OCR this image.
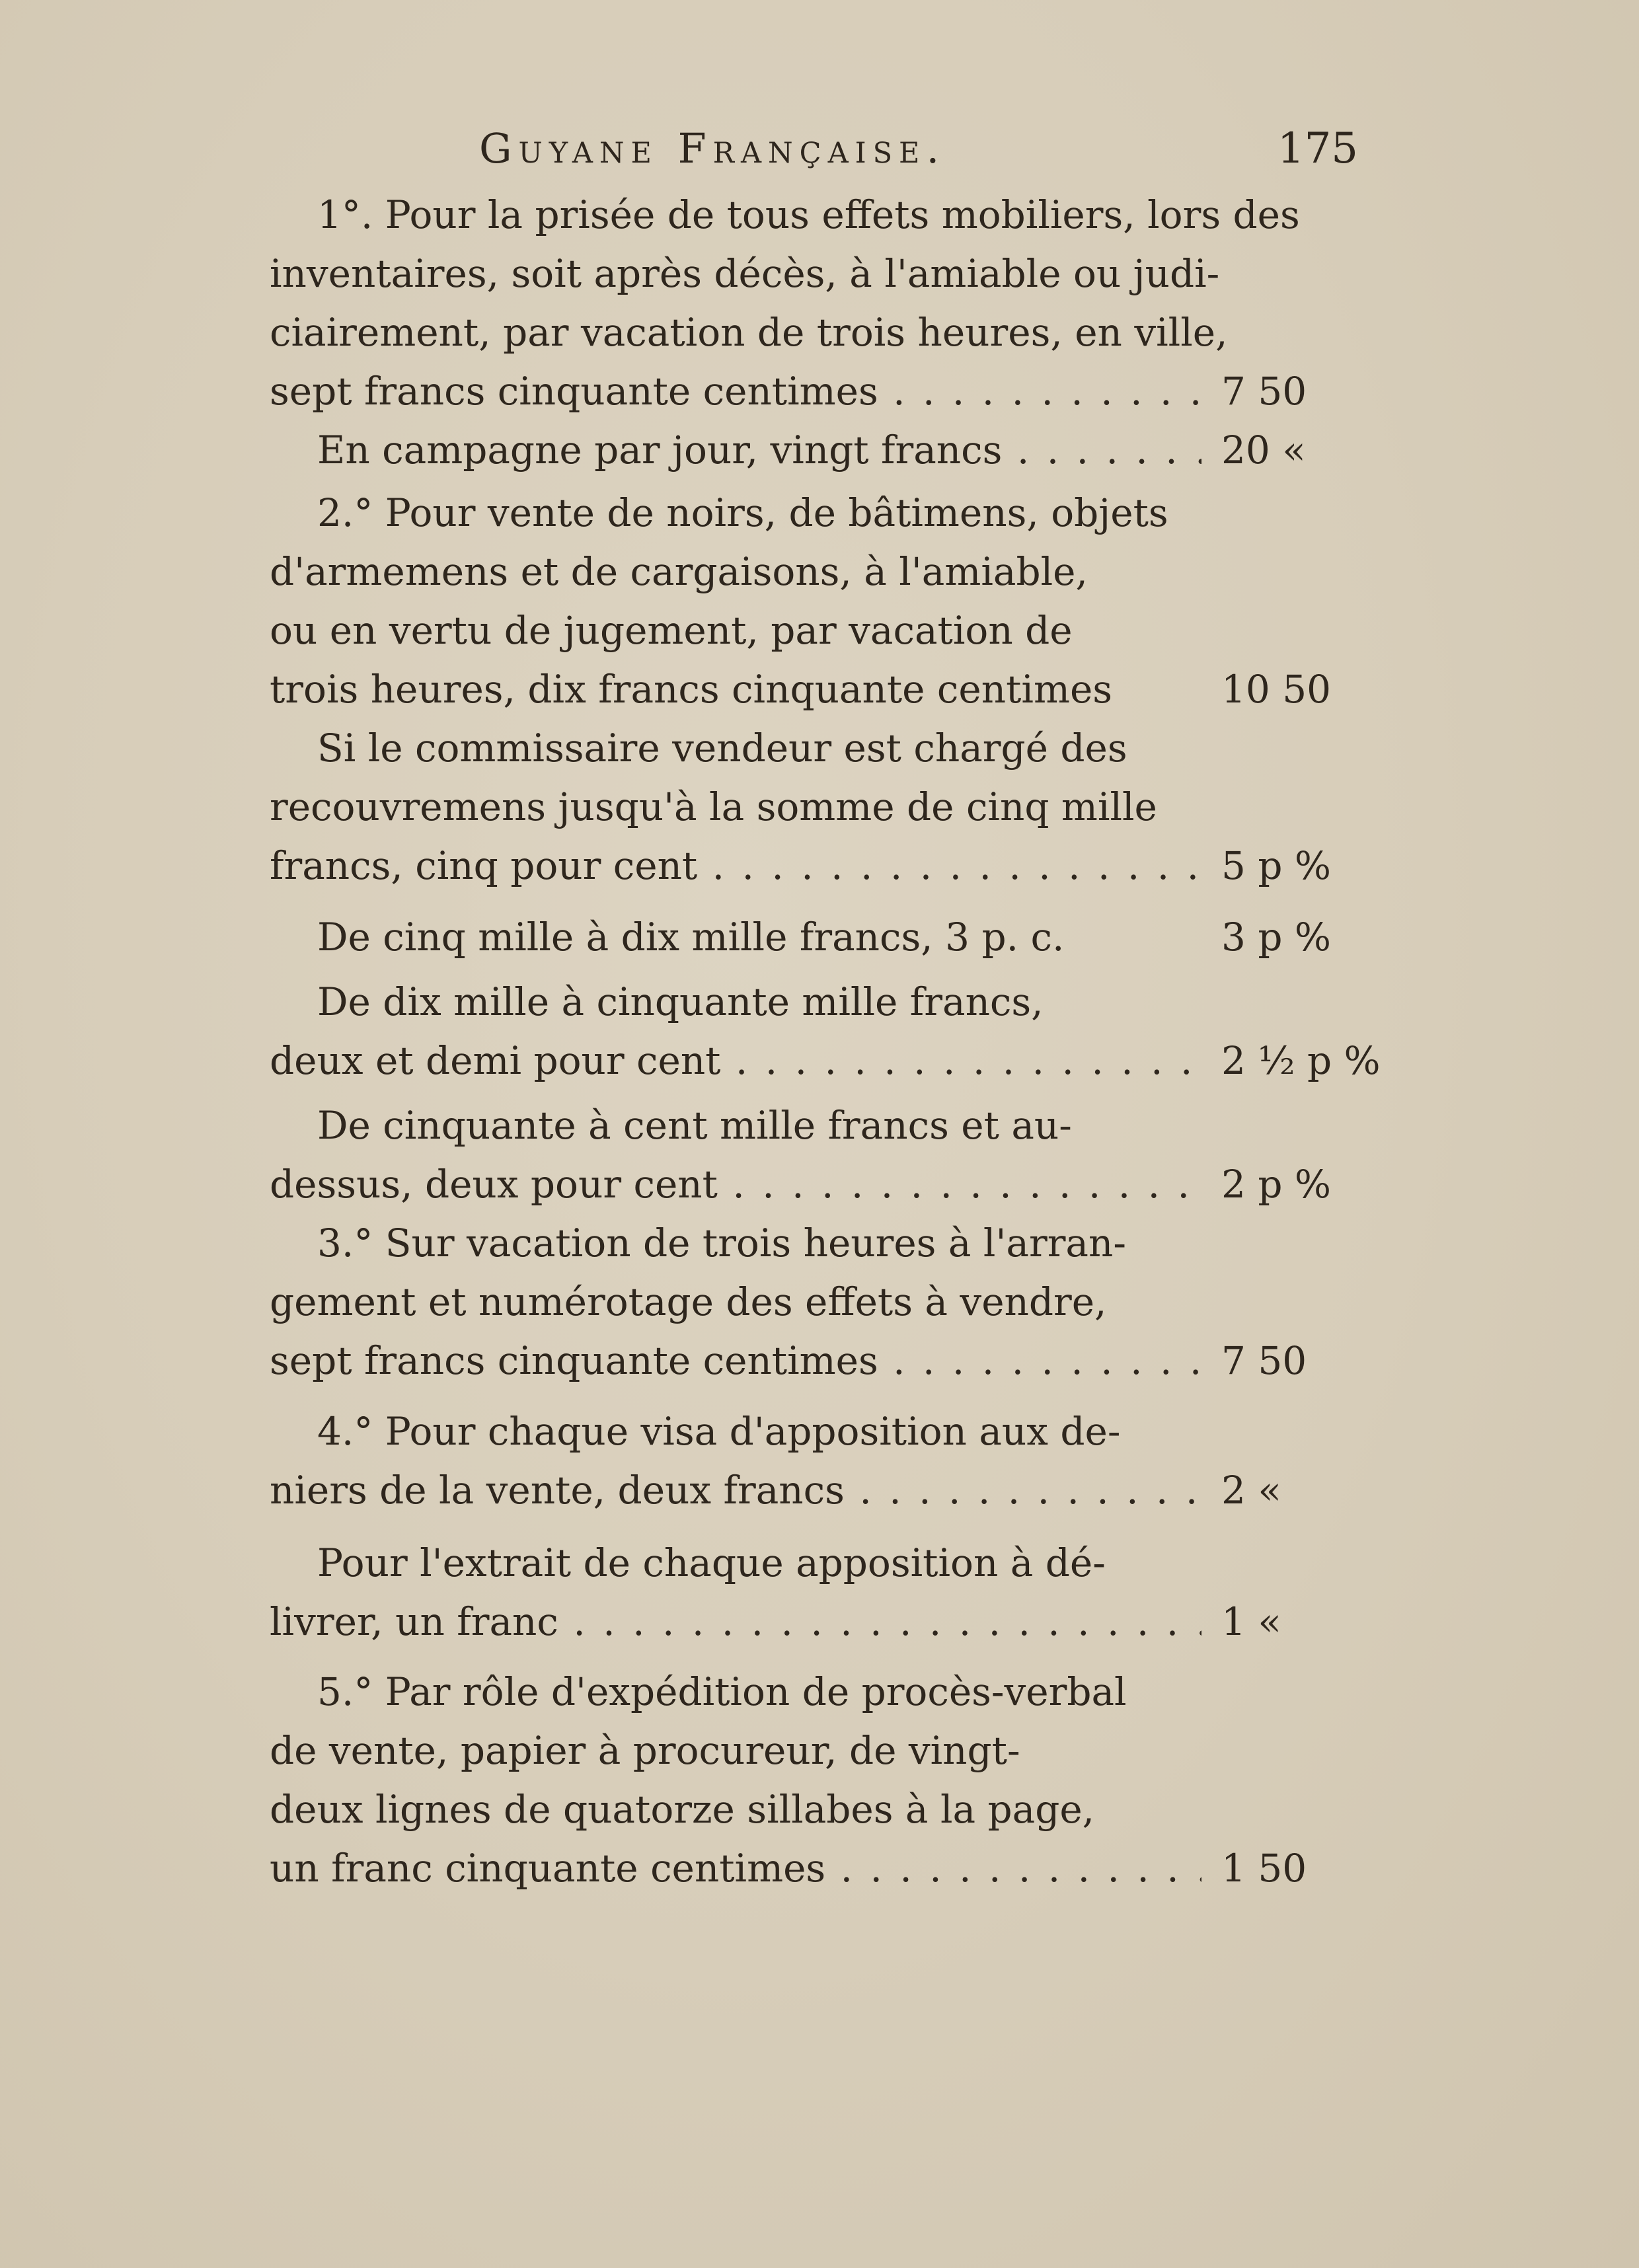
Guyane Française.	175
1°. Pour la prisée de tous effets mobiliers, lors des
inventaires, soit après décès, à l'amiable ou judi-
ciairement, par vacation de trois heures, en ville,
sept francs cinquante centimes . . .	7 50
En campagne par jour, vingt francs . . .	20 «
2.° Pour vente de noirs, de bâtimens, objets
d'armemens et de cargaisons, à l'amiable,
ou en vertu de jugement, par vacation de
trois heures, dix francs cinquante centimes	10 50
Si le commissaire vendeur est chargé des
recouvremens jusqu'à la somme de cinq mille
francs, cinq pour cent . . .	5 p %
De cinq mille à dix mille francs, 3 p. c.	3 p %
De dix mille à cinquante mille francs,
deux et demi pour cent . . .	2 ½ p %
De cinquante à cent mille francs et au-
dessus, deux pour cent . . .	2 p %
3.° Sur vacation de trois heures à l'arran-
gement et numérotage des effets à vendre,
sept francs cinquante centimes . . .	7 50
4.° Pour chaque visa d'apposition aux de-
niers de la vente, deux francs . . .	2 «
Pour l'extrait de chaque apposition à dé-
livrer, un franc . . .	1 «
5.° Par rôle d'expédition de procès-verbal
de vente, papier à procureur, de vingt-
deux lignes de quatorze sillabes à la page,
un franc cinquante centimes . . .	1 50
